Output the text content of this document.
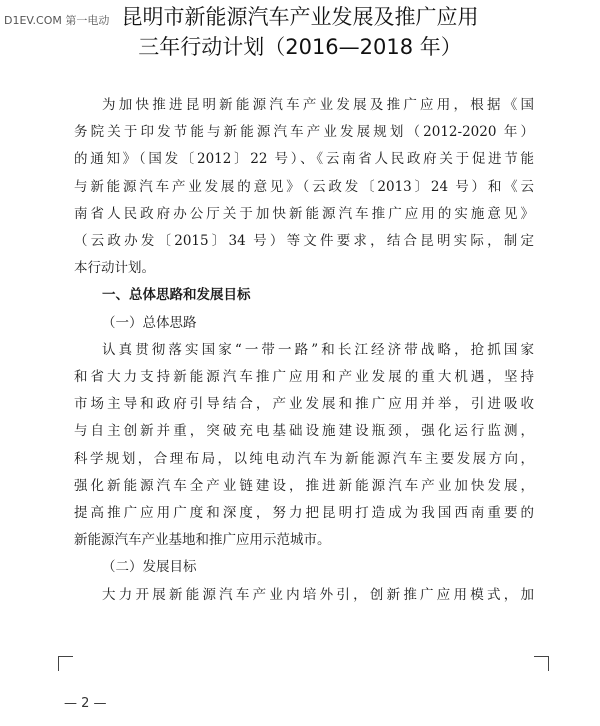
D1EV.COM 第一电动 昆明市新能源汽车产业发展及推广应用
三年行动计划（2016—2018 年）
为加快推进昆明新能源汽车产业发展及推广应用，根据《国
务院关于印发节能与新能源汽车产业发展规划（2012-2020 年）
的通知》（国发〔2012〕22 号）、《云南省人民政府关于促进节能
与新能源汽车产业发展的意见》（云政发〔2013〕24 号）和《云
南省人民政府办公厅关于加快新能源汽车推广应用的实施意见》
（云政办发〔2015〕34 号）等文件要求，结合昆明实际，制定
本行动计划。
一、总体思路和发展目标
（一）总体思路
认真贯彻落实国家“一带一路”和长江经济带战略，抢抓国家
和省大力支持新能源汽车推广应用和产业发展的重大机遇，坚持
市场主导和政府引导结合，产业发展和推广应用并举，引进吸收
与自主创新并重，突破充电基础设施建设瓶颈，强化运行监测，
科学规划，合理布局，以纯电动汽车为新能源汽车主要发展方向，
强化新能源汽车全产业链建设，推进新能源汽车产业加快发展，
提高推广应用广度和深度，努力把昆明打造成为我国西南重要的
新能源汽车产业基地和推广应用示范城市。
（二）发展目标
大力开展新能源汽车产业内培外引，创新推广应用模式，加
— 2 —
